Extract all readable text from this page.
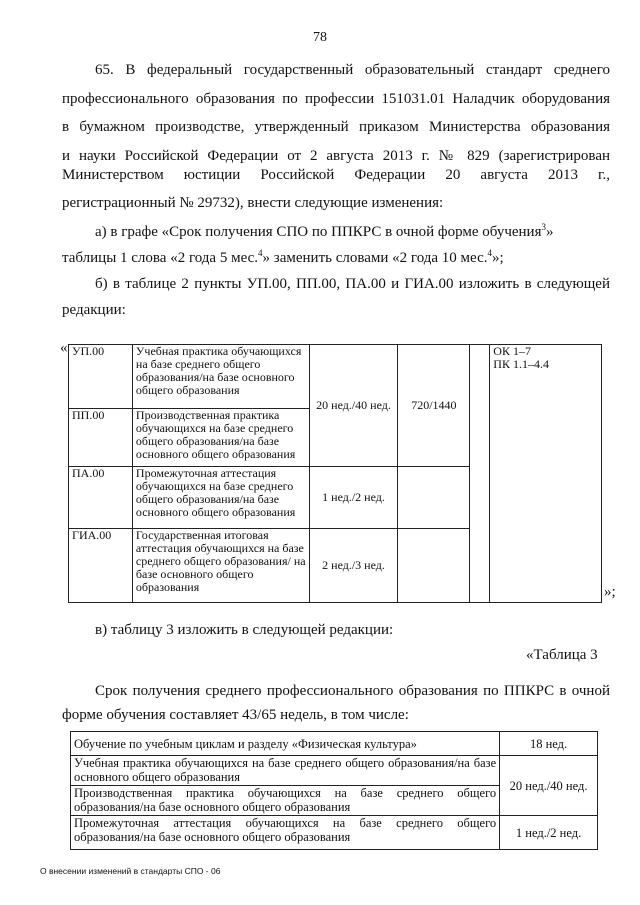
78
65. В федеральный государственный образовательный стандарт среднего
профессионального образования по профессии 151031.01 Наладчик оборудования
в бумажном производстве, утвержденный приказом Министерства образования
и науки Российской Федерации от 2 августа 2013 г. № 829 (зарегистрирован
Министерством юстиции Российской Федерации 20 августа 2013 г.,
регистрационный № 29732), внести следующие изменения:
а) в графе «Срок получения СПО по ППКРС в очной форме обучения$^3$»
таблицы 1 слова «2 года 5 мес.$^4$» заменить словами «2 года 10 мес.$^4$»;
б) в таблице 2 пункты УП.00, ПП.00, ПА.00 и ГИА.00 изложить в следующей
редакции:
« УП.00	Учебная практика обучающихся на базе среднего общего образования/на базе основного общего образования	20 нед./40 нед.	720/1440		ОК 1–7
ПК 1.1–4.4

ПП.00	Производственная практика обучающихся на базе среднего общего образования/на базе основного общего образования				
ПА.00	Промежуточная аттестация обучающихся на базе среднего общего образования/на базе основного общего образования	1 нед./2 нед.			
ГИА.00	Государственная итоговая аттестация обучающихся на базе среднего общего образования/ на базе основного общего образования	2 нед./3 нед.			
»;
в) таблицу 3 изложить в следующей редакции:
«Таблица 3
Срок получения среднего профессионального образования по ППКРС в очной
форме обучения составляет 43/65 недель, в том числе:
Обучение по учебным циклам и разделу «Физическая культура»	18 нед.
Учебная практика обучающихся на базе среднего общего образования/на базе основного общего образования	20 нед./40 нед.
Производственная практика обучающихся на базе среднего общего образования/на базе основного общего образования	
Промежуточная аттестация обучающихся на базе среднего общего образования/на базе основного общего образования	1 нед./2 нед.
О внесении изменений в стандарты СПО - 06
